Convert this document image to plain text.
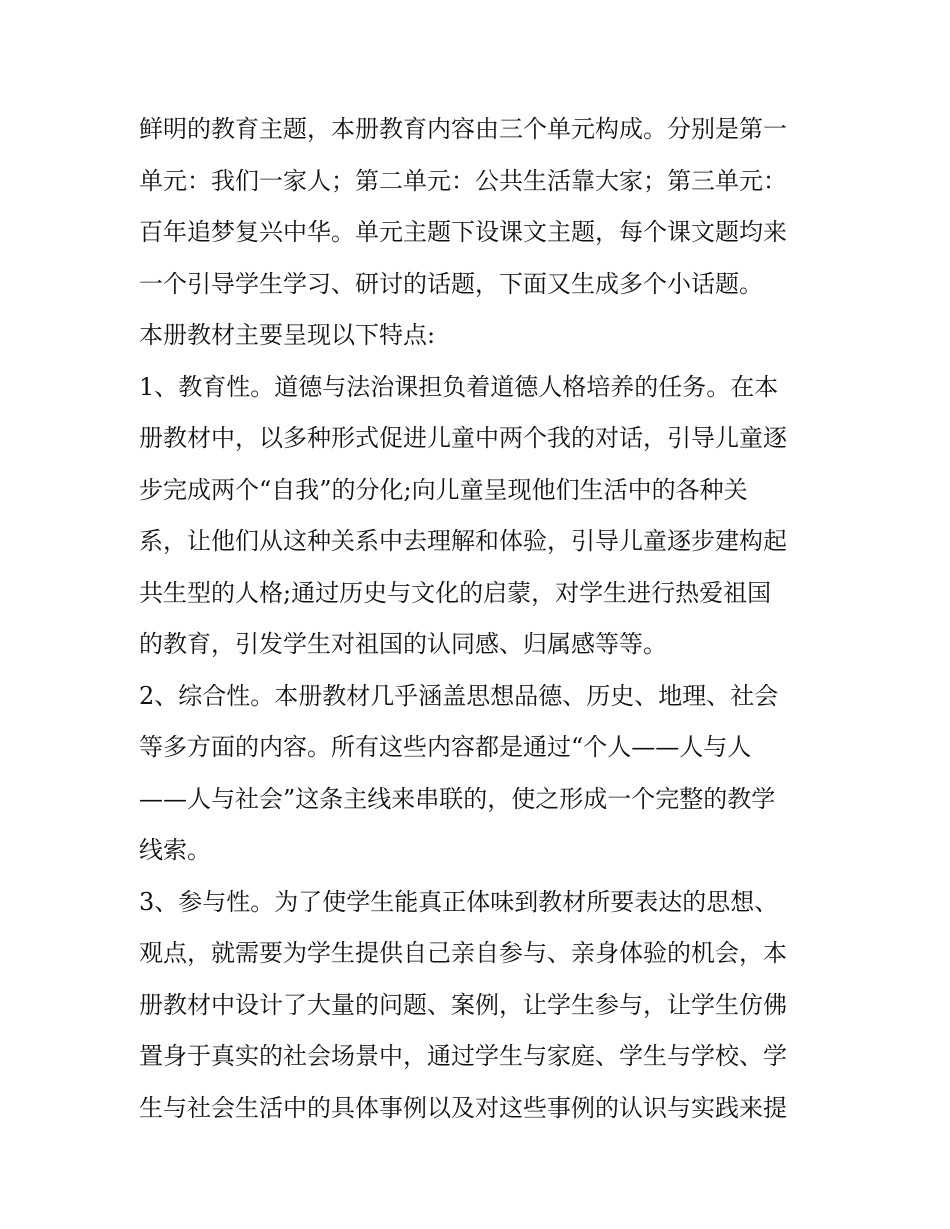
鲜明的教育主题，本册教育内容由三个单元构成。分别是第一
单元：我们一家人；第二单元：公共生活靠大家；第三单元：
百年追梦复兴中华。单元主题下设课文主题，每个课文题均来
一个引导学生学习、研讨的话题，下面又生成多个小话题。
本册教材主要呈现以下特点:
1、教育性。道德与法治课担负着道德人格培养的任务。在本
册教材中，以多种形式促进儿童中两个我的对话，引导儿童逐
步完成两个“自我”的分化;向儿童呈现他们生活中的各种关
系，让他们从这种关系中去理解和体验，引导儿童逐步建构起
共生型的人格;通过历史与文化的启蒙，对学生进行热爱祖国
的教育，引发学生对祖国的认同感、归属感等等。
2、综合性。本册教材几乎涵盖思想品德、历史、地理、社会
等多方面的内容。所有这些内容都是通过“个人——人与人
——人与社会”这条主线来串联的，使之形成一个完整的教学
线索。
3、参与性。为了使学生能真正体味到教材所要表达的思想、
观点，就需要为学生提供自己亲自参与、亲身体验的机会，本
册教材中设计了大量的问题、案例，让学生参与，让学生仿佛
置身于真实的社会场景中，通过学生与家庭、学生与学校、学
生与社会生活中的具体事例以及对这些事例的认识与实践来提
